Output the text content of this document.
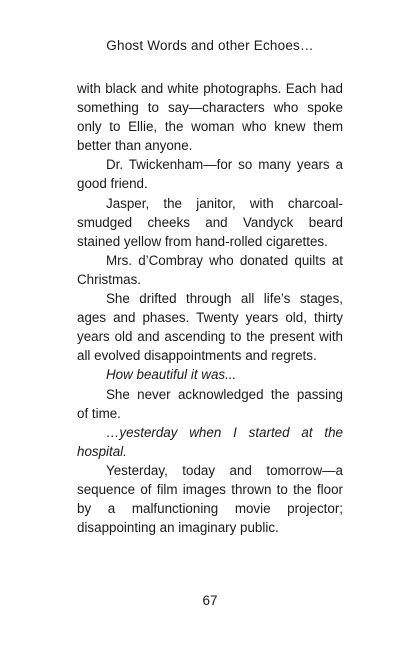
Ghost Words and other Echoes…

with black and white photographs. Each had something to say—characters who spoke only to Ellie, the woman who knew them better than anyone.

Dr. Twickenham—for so many years a good friend.

Jasper, the janitor, with charcoal-smudged cheeks and Vandyck beard stained yellow from hand-rolled cigarettes.

Mrs. d’Combray who donated quilts at Christmas.

She drifted through all life’s stages, ages and phases. Twenty years old, thirty years old and ascending to the present with all evolved disappointments and regrets.

How beautiful it was...

She never acknowledged the passing of time.

…yesterday when I started at the hospital.

Yesterday, today and tomorrow—a sequence of film images thrown to the floor by a malfunctioning movie projector; disappointing an imaginary public.

67
